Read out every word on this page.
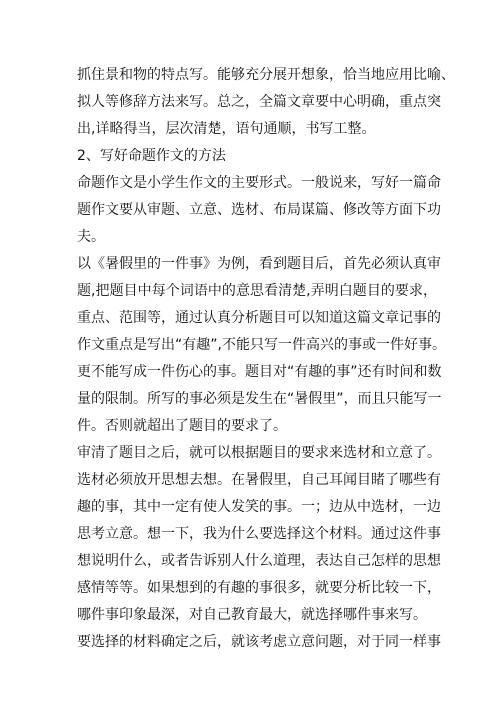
抓住景和物的特点写。能够充分展开想象，恰当地应用比喻、
拟人等修辞方法来写。总之，全篇文章要中心明确，重点突
出,详略得当，层次清楚，语句通顺，书写工整。
2、写好命题作文的方法
命题作文是小学生作文的主要形式。一般说来，写好一篇命
题作文要从审题、立意、选材、布局谋篇、修改等方面下功
夫。
以《暑假里的一件事》为例，看到题目后，首先必须认真审
题,把题目中每个词语中的意思看清楚,弄明白题目的要求，
重点、范围等，通过认真分析题目可以知道这篇文章记事的
作文重点是写出“有趣”,不能只写一件高兴的事或一件好事。
更不能写成一件伤心的事。题目对“有趣的事”还有时间和数
量的限制。所写的事必须是发生在“暑假里”，而且只能写一
件。否则就超出了题目的要求了。
审清了题目之后，就可以根据题目的要求来选材和立意了。
选材必须放开思想去想。在暑假里，自己耳闻目睹了哪些有
趣的事，其中一定有使人发笑的事。一；边从中选材，一边
思考立意。想一下，我为什么要选择这个材料。通过这件事
想说明什么，或者告诉别人什么道理，表达自己怎样的思想
感情等等。如果想到的有趣的事很多，就要分析比较一下，
哪件事印象最深，对自己教育最大，就选择哪件事来写。
要选择的材料确定之后，就该考虑立意问题，对于同一样事
